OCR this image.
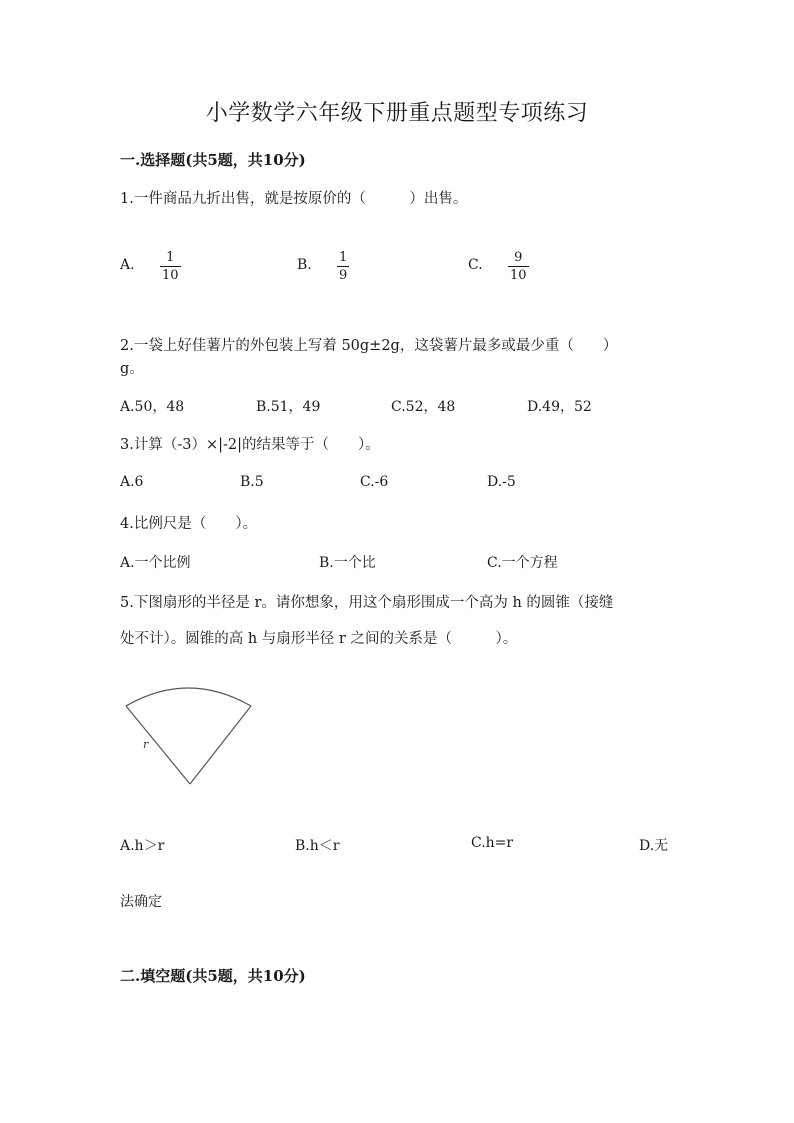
小学数学六年级下册重点题型专项练习
一.选择题(共5题，共10分)
1.一件商品九折出售，就是按原价的（　　　）出售。
A. 1
10
B. 1
9
C. 9
10
2.一袋上好佳薯片的外包装上写着 50g±2g，这袋薯片最多或最少重（　　）
g。
A.50，48	B.51，49	C.52，48	D.49，52
3.计算（-3）×|-2|的结果等于（　　）。
A.6	B.5	C.-6	D.-5
4.比例尺是（　　）。
A.一个比例	B.一个比	C.一个方程
5.下图扇形的半径是 r。请你想象，用这个扇形围成一个高为 h 的圆锥（接缝
处不计）。圆锥的高 h 与扇形半径 r 之间的关系是（　　　）。
r
A.h＞r	B.h＜r	C.h=r	D.无
法确定
二.填空题(共5题，共10分)
